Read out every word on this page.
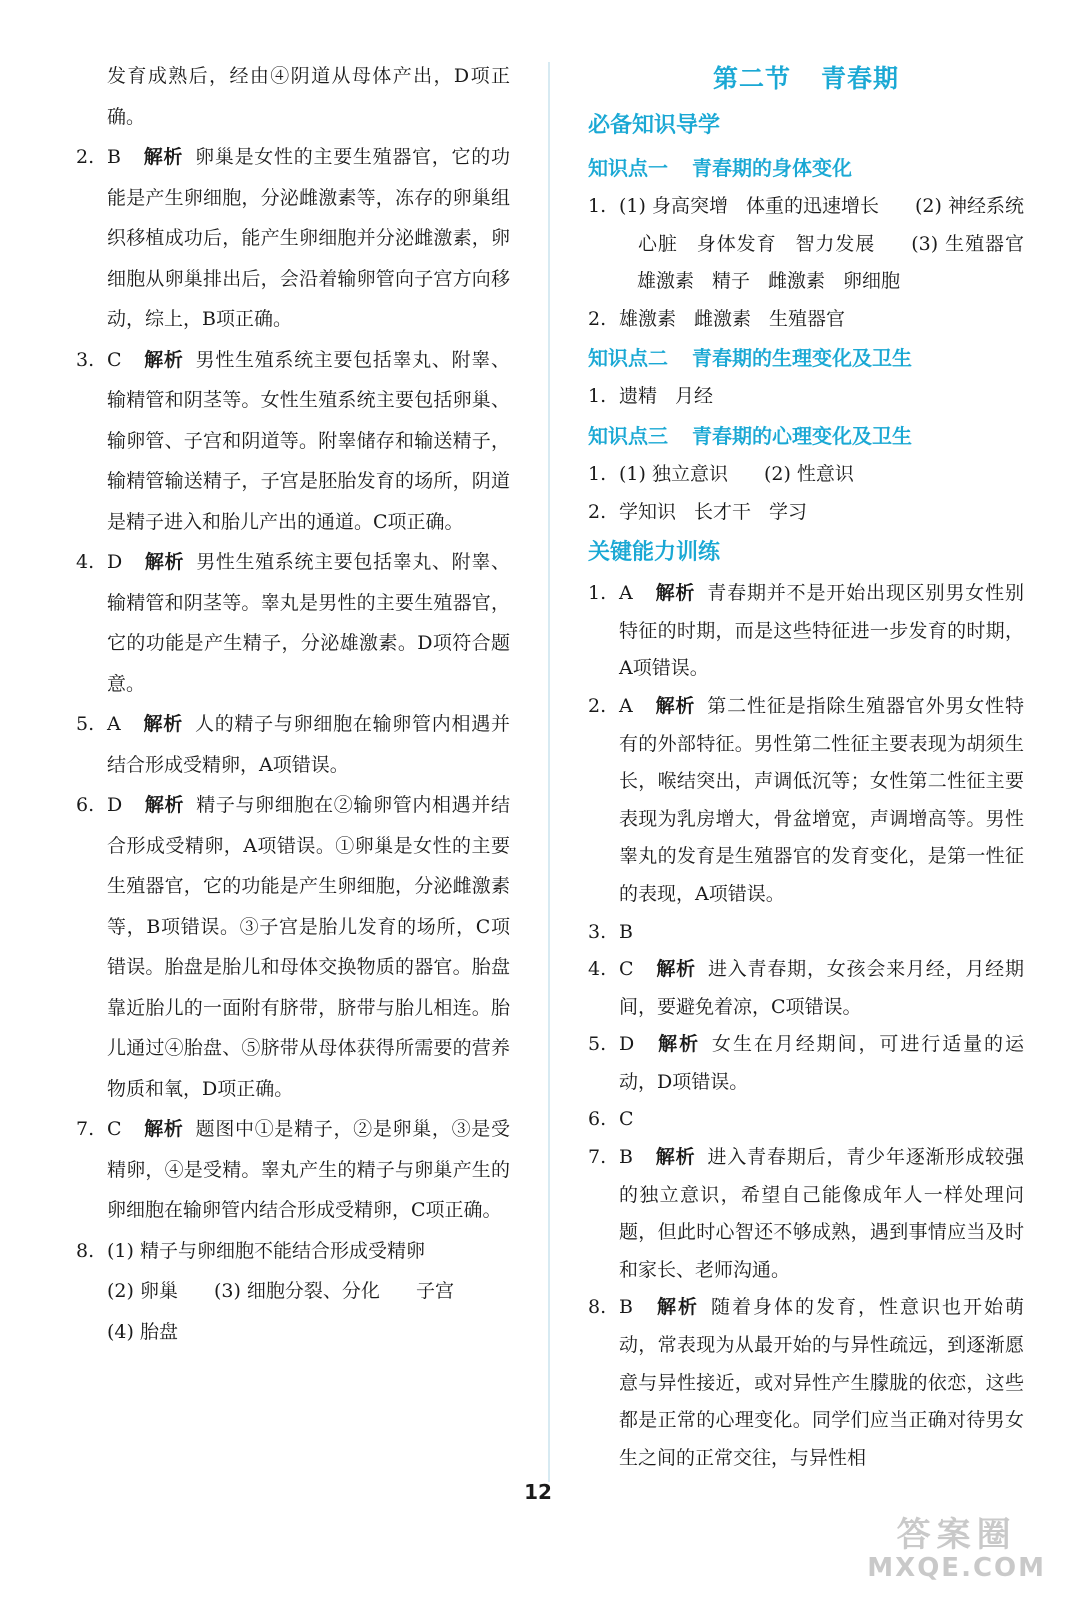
发育成熟后，经由④阴道从母体产出，D项正确。
2. B 解析 卵巢是女性的主要生殖器官，它的功能是产生卵细胞，分泌雌激素等，冻存的卵巢组织移植成功后，能产生卵细胞并分泌雌激素，卵细胞从卵巢排出后，会沿着输卵管向子宫方向移动，综上，B项正确。
3. C 解析 男性生殖系统主要包括睾丸、附睾、输精管和阴茎等。女性生殖系统主要包括卵巢、输卵管、子宫和阴道等。附睾储存和输送精子，输精管输送精子，子宫是胚胎发育的场所，阴道是精子进入和胎儿产出的通道。C项正确。
4. D 解析 男性生殖系统主要包括睾丸、附睾、输精管和阴茎等。睾丸是男性的主要生殖器官，它的功能是产生精子，分泌雄激素。D项符合题意。
5. A 解析 人的精子与卵细胞在输卵管内相遇并结合形成受精卵，A项错误。
6. D 解析 精子与卵细胞在②输卵管内相遇并结合形成受精卵，A项错误。①卵巢是女性的主要生殖器官，它的功能是产生卵细胞，分泌雌激素等，B项错误。③子宫是胎儿发育的场所，C项错误。胎盘是胎儿和母体交换物质的器官。胎盘靠近胎儿的一面附有脐带，脐带与胎儿相连。胎儿通过④胎盘、⑤脐带从母体获得所需要的营养物质和氧，D项正确。
7. C 解析 题图中①是精子，②是卵巢，③是受精卵，④是受精。睾丸产生的精子与卵巢产生的卵细胞在输卵管内结合形成受精卵，C项正确。
8. (1) 精子与卵细胞不能结合形成受精卵
(2) 卵巢 (3) 细胞分裂、分化 子宫
(4) 胎盘
第二节 青春期
必备知识导学
知识点一 青春期的身体变化
1. (1) 身高突增 体重的迅速增长 (2) 神经系统心脏 身体发育 智力发展 (3) 生殖器官雄激素 精子 雌激素 卵细胞
2. 雄激素 雌激素 生殖器官
知识点二 青春期的生理变化及卫生
1. 遗精 月经
知识点三 青春期的心理变化及卫生
1. (1) 独立意识 (2) 性意识
2. 学知识 长才干 学习
关键能力训练
1. A 解析 青春期并不是开始出现区别男女性别特征的时期，而是这些特征进一步发育的时期，A项错误。
2. A 解析 第二性征是指除生殖器官外男女性特有的外部特征。男性第二性征主要表现为胡须生长，喉结突出，声调低沉等；女性第二性征主要表现为乳房增大，骨盆增宽，声调增高等。男性睾丸的发育是生殖器官的发育变化，是第一性征的表现，A项错误。
3. B
4. C 解析 进入青春期，女孩会来月经，月经期间，要避免着凉，C项错误。
5. D 解析 女生在月经期间，可进行适量的运动，D项错误。
6. C
7. B 解析 进入青春期后，青少年逐渐形成较强的独立意识，希望自己能像成年人一样处理问题，但此时心智还不够成熟，遇到事情应当及时和家长、老师沟通。
8. B 解析 随着身体的发育，性意识也开始萌动，常表现为从最开始的与异性疏远，到逐渐愿意与异性接近，或对异性产生朦胧的依恋，这些都是正常的心理变化。同学们应当正确对待男女生之间的正常交往，与异性相
12
答案圈
MXQE.COM
